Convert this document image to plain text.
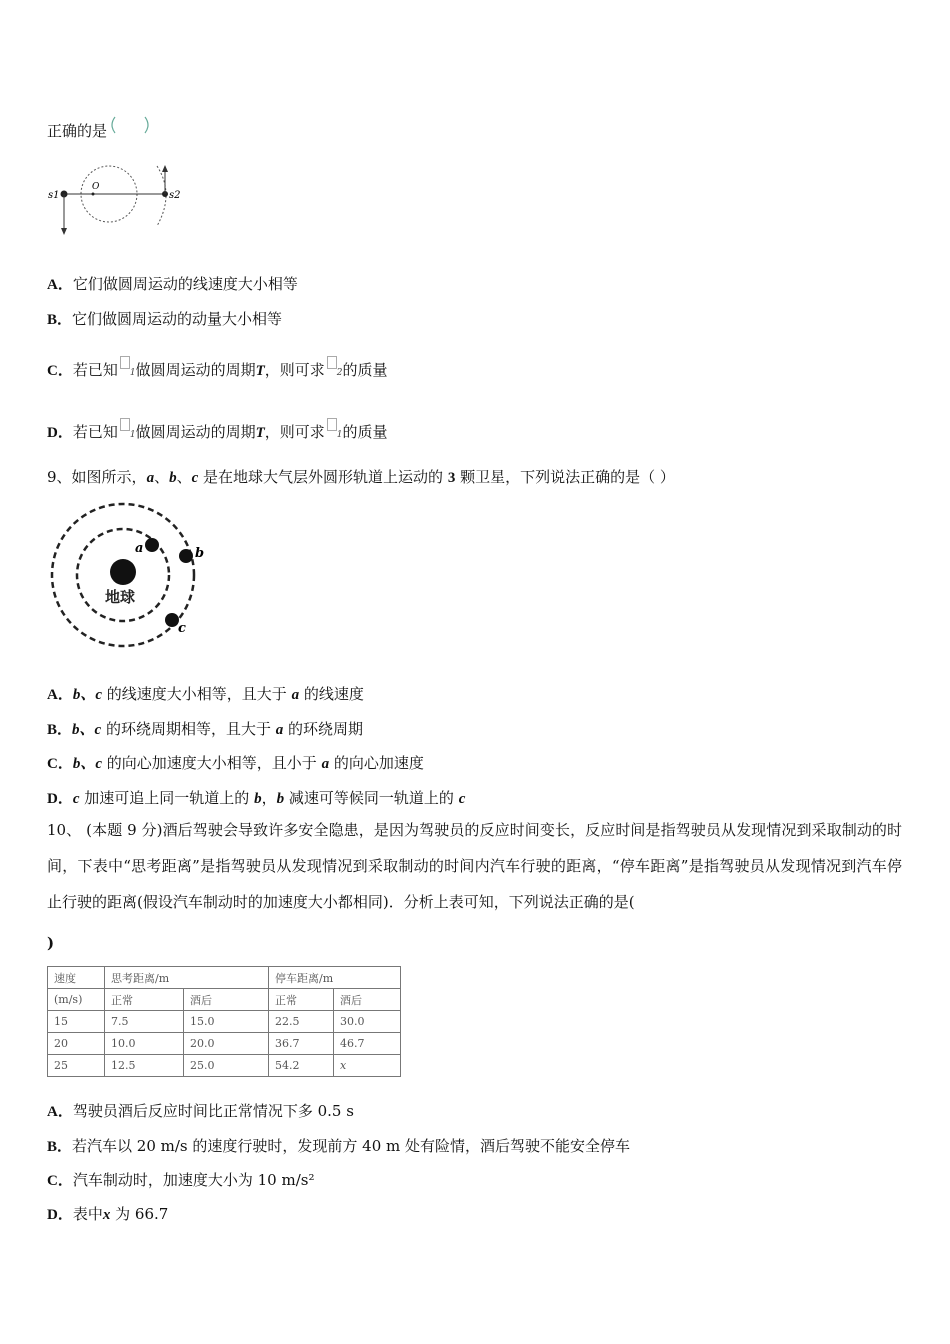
正确的是
s1
O
s2
A．它们做圆周运动的线速度大小相等
B．它们做圆周运动的动量大小相等
C．若已知 1做圆周运动的周期T，则可求 2的质量
D．若已知 1做圆周运动的周期T，则可求 1的质量
9、如图所示，a、b、c 是在地球大气层外圆形轨道上运动的 3 颗卫星，下列说法正确的是（ ）
地球
a	b
c
A．b、c 的线速度大小相等，且大于 a 的线速度
B．b、c 的环绕周期相等，且大于 a 的环绕周期
C．b、c 的向心加速度大小相等，且小于 a 的向心加速度
D．c 加速可追上同一轨道上的 b，b 减速可等候同一轨道上的 c
10、 (本题 9 分)酒后驾驶会导致许多安全隐患，是因为驾驶员的反应时间变长，反应时间是指驾驶员从发现情况到采取制动的时间，下表中“思考距离”是指驾驶员从发现情况到采取制动的时间内汽车行驶的距离，“停车距离”是指驾驶员从发现情况到汽车停止行驶的距离(假设汽车制动时的加速度大小都相同)．分析上表可知，下列说法正确的是(
)
速度	思考距离/m		停车距离/m	
(m/s)	正常	酒后	正常	酒后
15	7.5	15.0	22.5	30.0
20	10.0	20.0	36.7	46.7
25	12.5	25.0	54.2	x
A．驾驶员酒后反应时间比正常情况下多 0.5 s
B．若汽车以 20 m/s 的速度行驶时，发现前方 40 m 处有险情，酒后驾驶不能安全停车
C．汽车制动时，加速度大小为 10 m/s²
D．表中x 为 66.7
